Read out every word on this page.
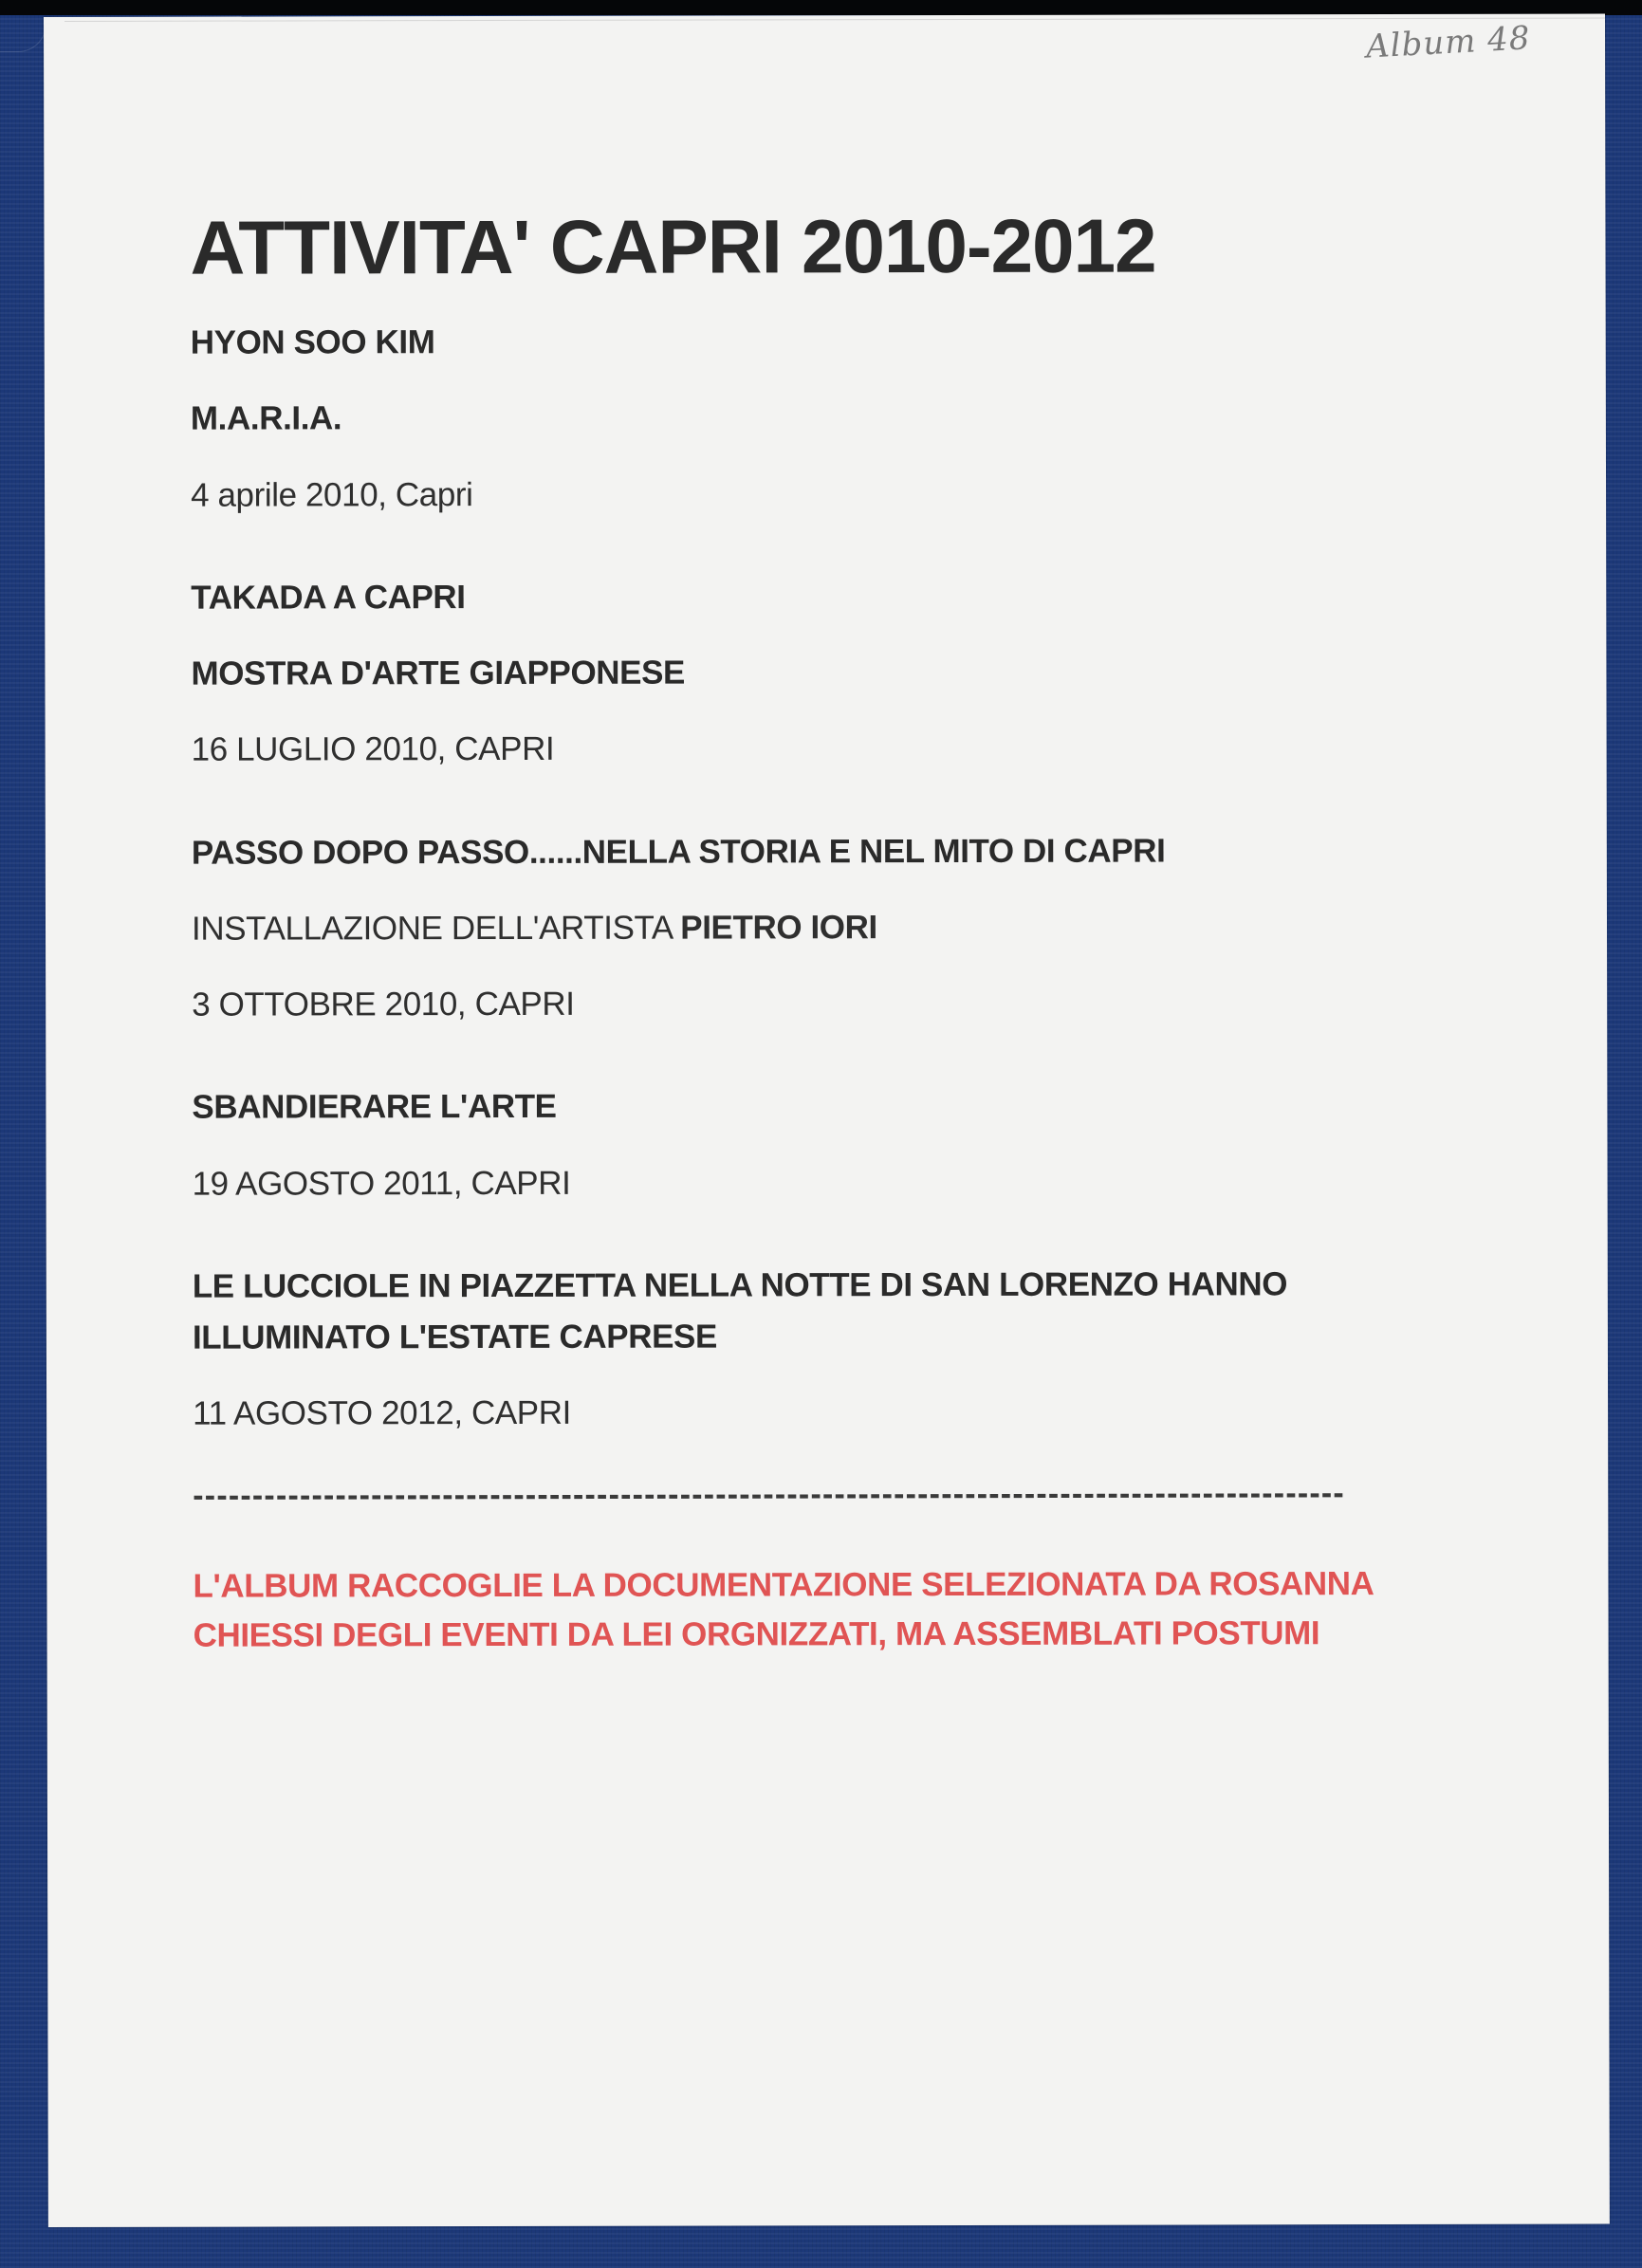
Album 48
ATTIVITA' CAPRI 2010-2012
HYON SOO KIM
M.A.R.I.A.
4 aprile 2010, Capri
TAKADA A CAPRI
MOSTRA D'ARTE GIAPPONESE
16 LUGLIO 2010, CAPRI
PASSO DOPO PASSO......NELLA STORIA E NEL MITO DI CAPRI
INSTALLAZIONE DELL'ARTISTA PIETRO IORI
3 OTTOBRE 2010, CAPRI
SBANDIERARE L'ARTE
19 AGOSTO 2011, CAPRI
LE LUCCIOLE IN PIAZZETTA NELLA NOTTE DI SAN LORENZO HANNO
ILLUMINATO L'ESTATE CAPRESE
11 AGOSTO 2012, CAPRI
-------------------------------------------------------------------------------------------------
L'ALBUM RACCOGLIE LA DOCUMENTAZIONE SELEZIONATA DA ROSANNA CHIESSI DEGLI EVENTI DA LEI ORGNIZZATI, MA ASSEMBLATI POSTUMI
